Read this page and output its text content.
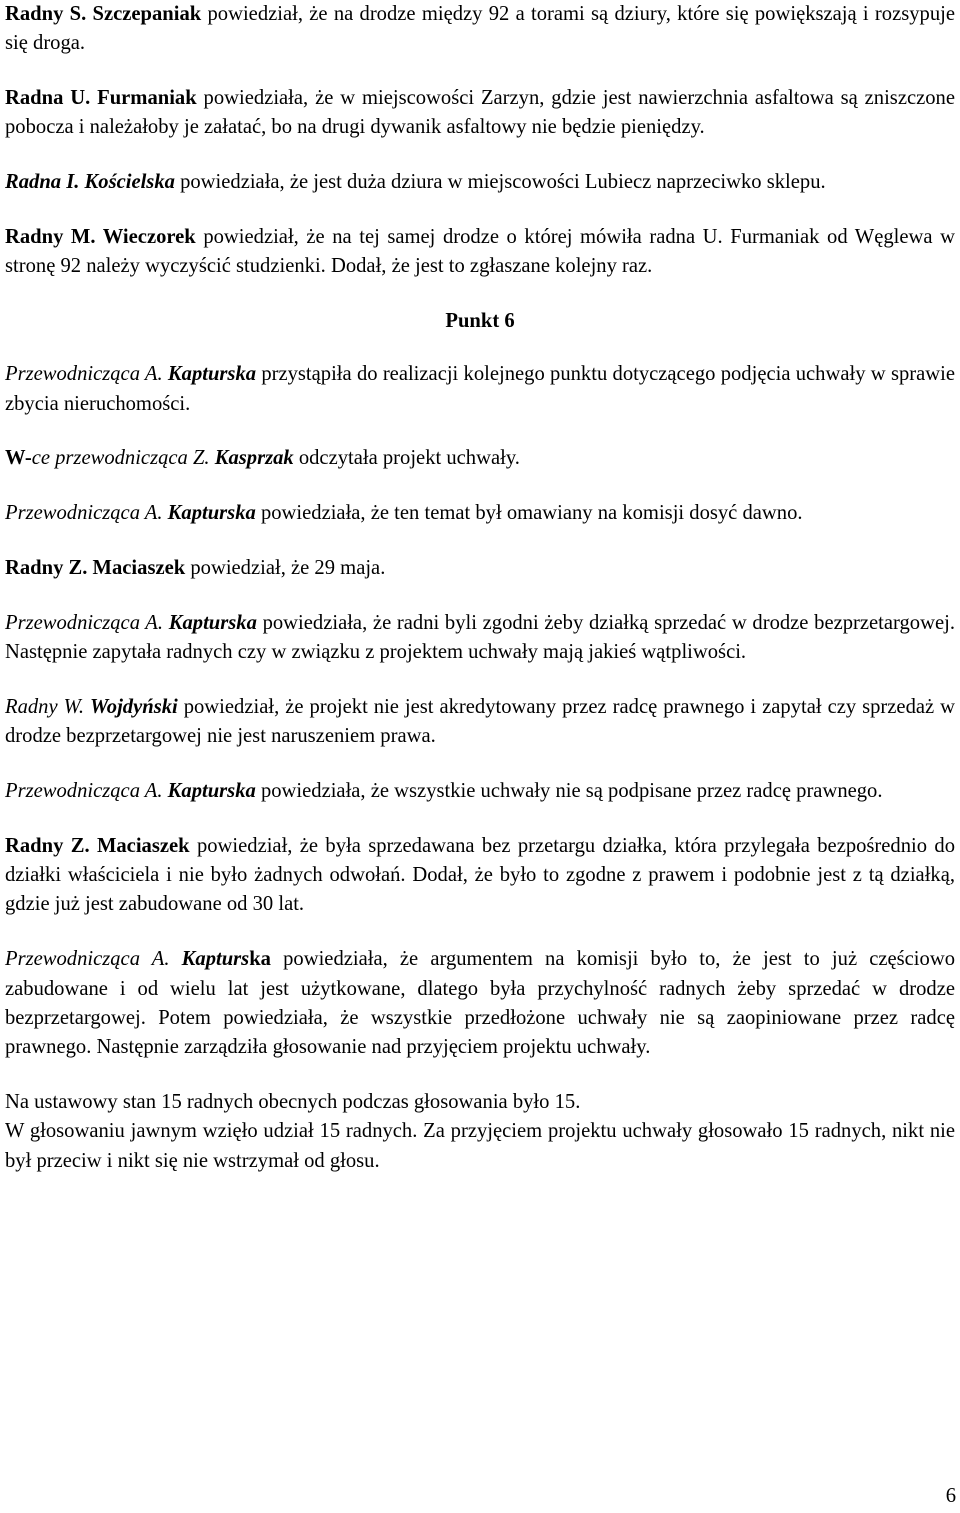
Radny S. Szczepaniak powiedział, że na drodze między 92 a torami są dziury, które się powiększają i rozsypuje się droga.

Radna U. Furmaniak powiedziała, że w miejscowości Zarzyn, gdzie jest nawierzchnia asfaltowa są zniszczone pobocza i należałoby je załatać, bo na drugi dywanik asfaltowy nie będzie pieniędzy.

Radna I. Kościelska powiedziała, że jest duża dziura w miejscowości Lubiecz naprzeciwko sklepu.

Radny M. Wieczorek powiedział, że na tej samej drodze o której mówiła radna U. Furmaniak od Węglewa w stronę 92 należy wyczyścić studzienki. Dodał, że jest to zgłaszane kolejny raz.

Punkt 6

Przewodnicząca A. Kapturska przystąpiła do realizacji kolejnego punktu dotyczącego podjęcia uchwały w sprawie zbycia nieruchomości.

W-ce przewodnicząca Z. Kasprzak odczytała projekt uchwały.

Przewodnicząca A. Kapturska powiedziała, że ten temat był omawiany na komisji dosyć dawno.

Radny Z. Maciaszek powiedział, że 29 maja.

Przewodnicząca A. Kapturska powiedziała, że radni byli zgodni żeby działką sprzedać w drodze bezprzetargowej. Następnie zapytała radnych czy w związku z projektem uchwały mają jakieś wątpliwości.

Radny W. Wojdyński powiedział, że projekt nie jest akredytowany przez radcę prawnego i zapytał czy sprzedaż w drodze bezprzetargowej nie jest naruszeniem prawa.

Przewodnicząca A. Kapturska powiedziała, że wszystkie uchwały nie są podpisane przez radcę prawnego.

Radny Z. Maciaszek powiedział, że była sprzedawana bez przetargu działka, która przylegała bezpośrednio do działki właściciela i nie było żadnych odwołań. Dodał, że było to zgodne z prawem i podobnie jest z tą działką, gdzie już jest zabudowane od 30 lat.

Przewodnicząca A. Kapturska powiedziała, że argumentem na komisji było to, że jest to już częściowo zabudowane i od wielu lat jest użytkowane, dlatego była przychylność radnych żeby sprzedać w drodze bezprzetargowej. Potem powiedziała, że wszystkie przedłożone uchwały nie są zaopiniowane przez radcę prawnego. Następnie zarządziła głosowanie nad przyjęciem projektu uchwały.

Na ustawowy stan 15 radnych obecnych podczas głosowania było 15.

W głosowaniu jawnym wzięło udział 15 radnych. Za przyjęciem projektu uchwały głosowało 15 radnych, nikt nie był przeciw i nikt się nie wstrzymał od głosu.

6
